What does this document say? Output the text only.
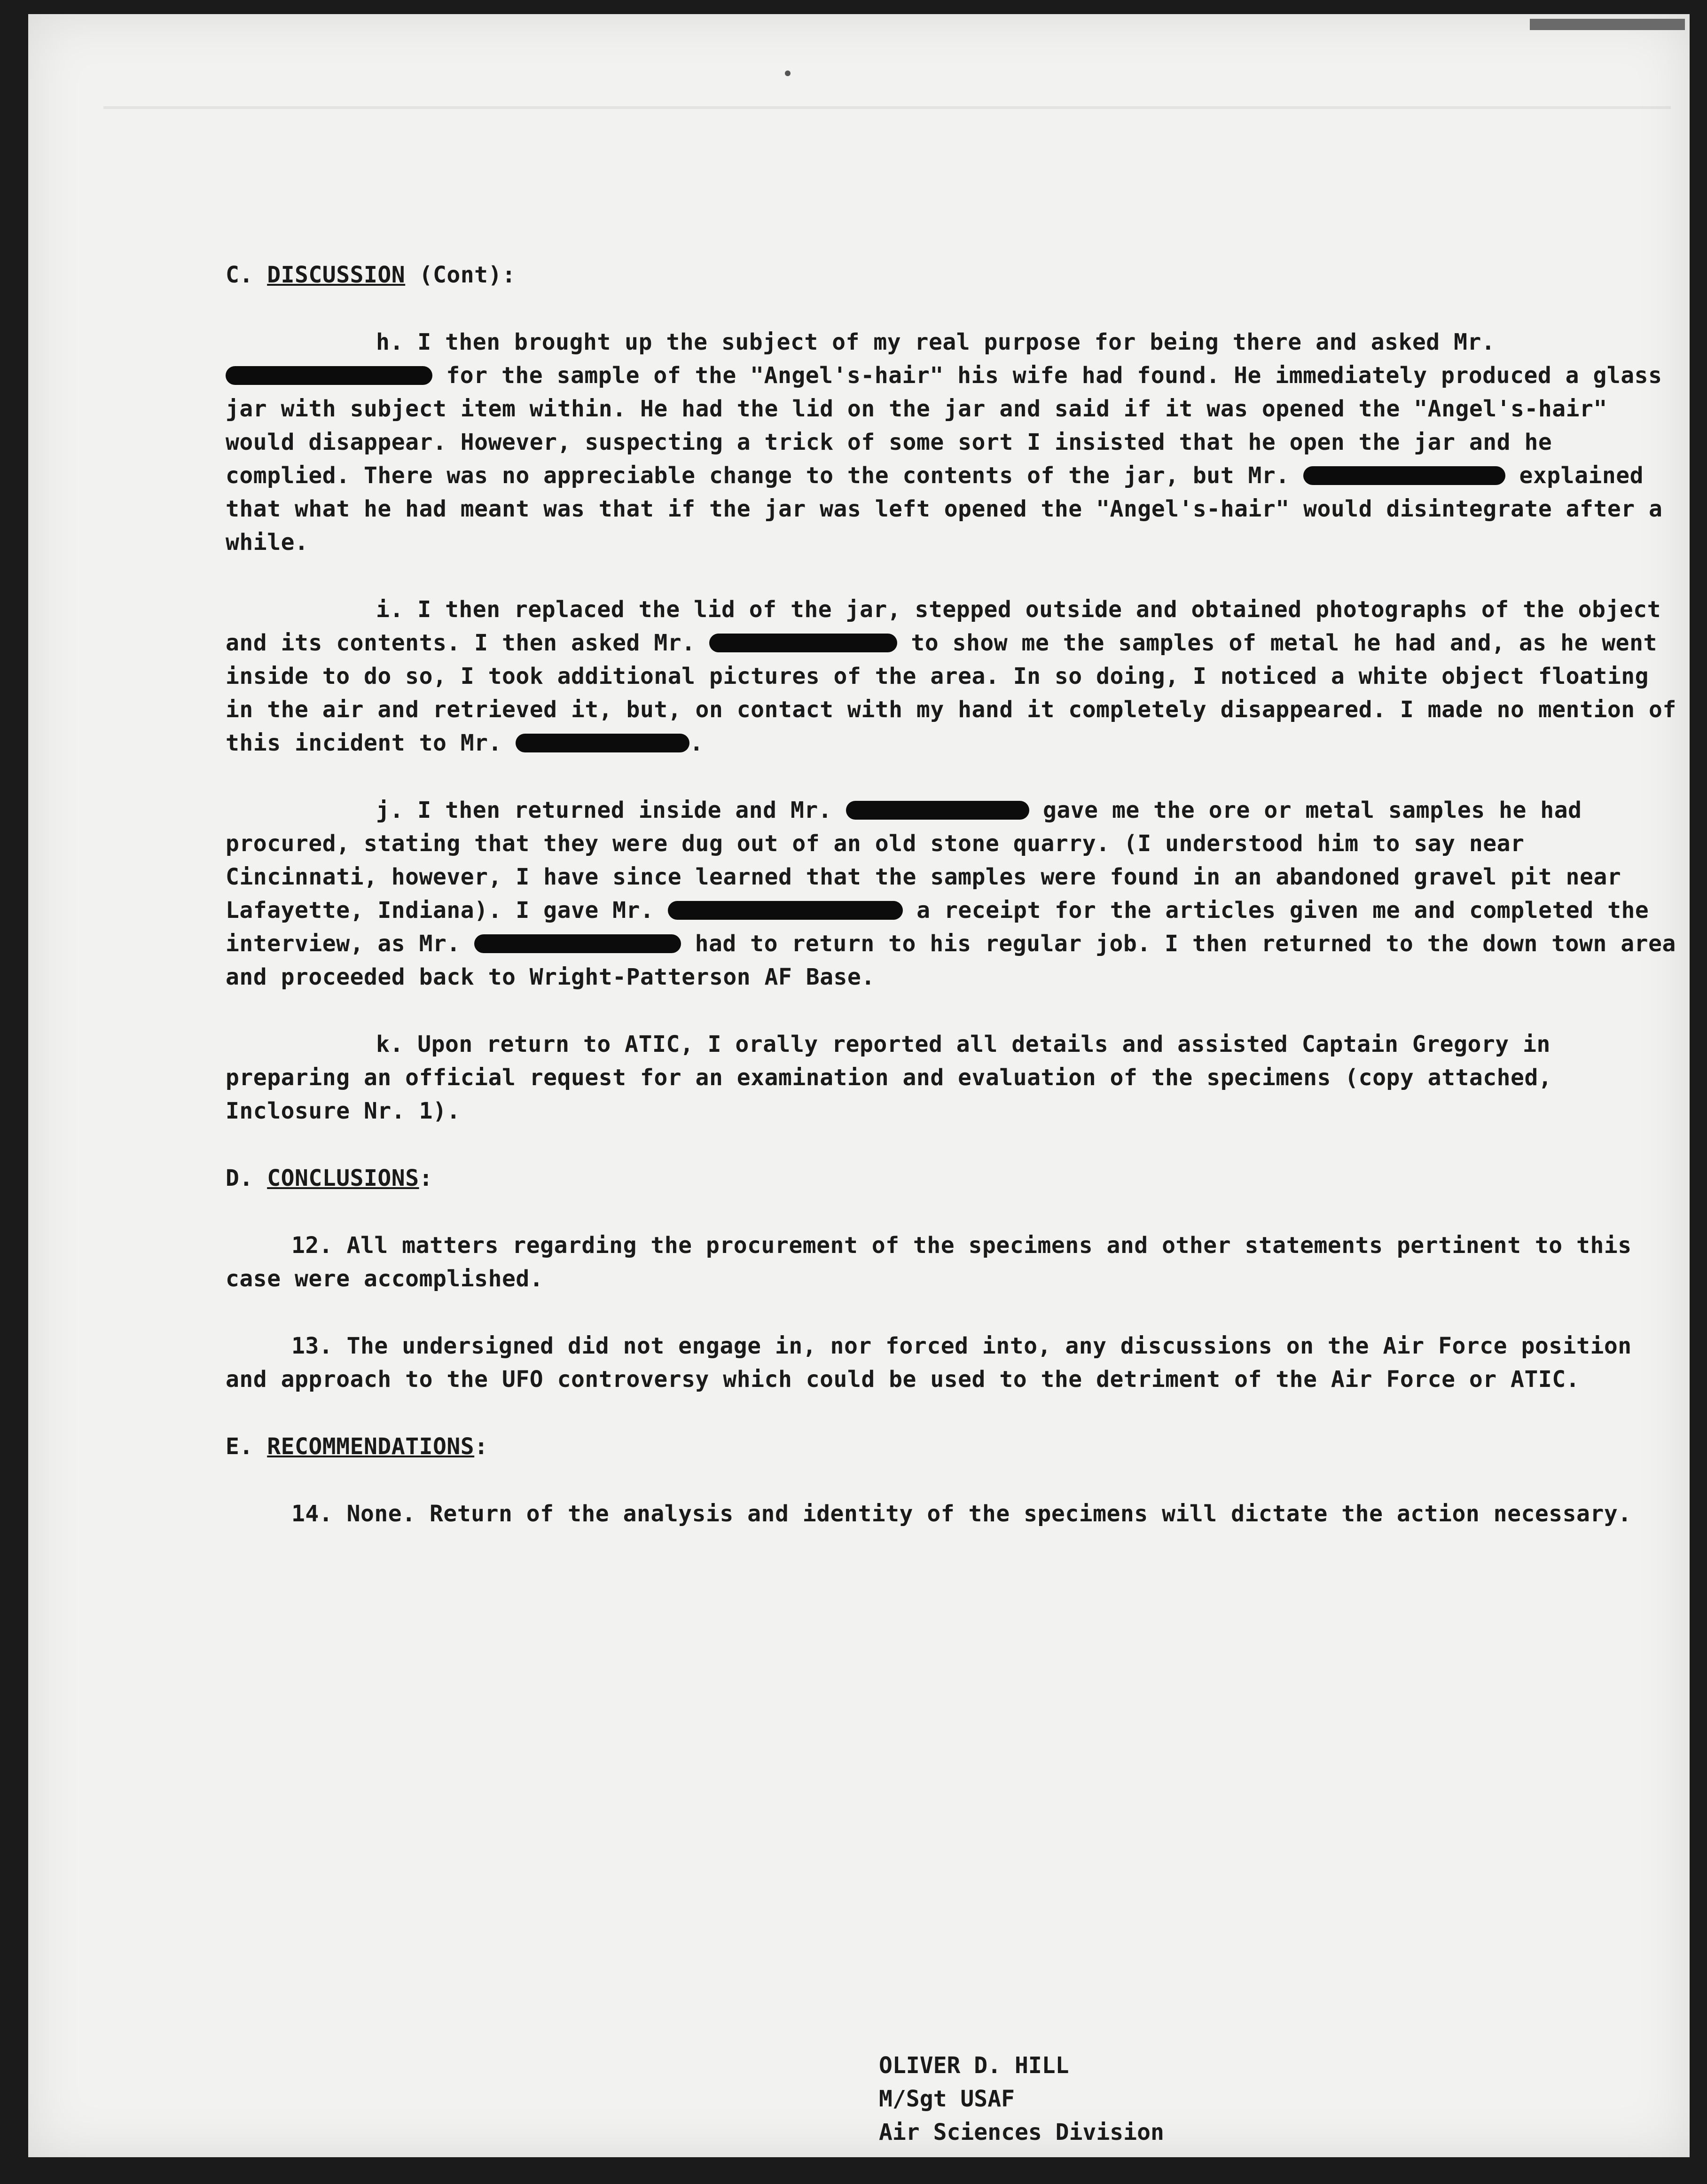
C. DISCUSSION (Cont):

h. I then brought up the subject of my real purpose for being there and asked Mr.  for the sample of the "Angel's-hair" his wife had found. He immediately produced a glass jar with subject item within. He had the lid on the jar and said if it was opened the "Angel's-hair" would disappear. However, suspecting a trick of some sort I insisted that he open the jar and he complied. There was no appreciable change to the contents of the jar, but Mr.	explained that what he had meant was that if the jar was left opened the "Angel's-hair" would disintegrate after a while.

i. I then replaced the lid of the jar, stepped outside and obtained photographs of the object and its contents. I then asked Mr.	to show me the samples of metal he had and, as he went inside to do so, I took additional pictures of the area. In so doing, I noticed a white object floating in the air and retrieved it, but, on contact with my hand it completely disappeared. I made no mention of this incident to Mr.	.

j. I then returned inside and Mr.	gave me the ore or metal samples he had procured, stating that they were dug out of an old stone quarry. (I understood him to say near Cincinnati, however, I have since learned that the samples were found in an abandoned gravel pit near Lafayette, Indiana). I gave Mr.	a receipt for the articles given me and completed the interview, as Mr.	had to return to his regular job. I then returned to the down town area and proceeded back to Wright-Patterson AF Base.

k. Upon return to ATIC, I orally reported all details and assisted Captain Gregory in preparing an official request for an examination and evaluation of the specimens (copy attached, Inclosure Nr. 1).

D. CONCLUSIONS:

12. All matters regarding the procurement of the specimens and other statements pertinent to this case were accomplished.

13. The undersigned did not engage in, nor forced into, any discussions on the Air Force position and approach to the UFO controversy which could be used to the detriment of the Air Force or ATIC.

E. RECOMMENDATIONS:

14. None. Return of the analysis and identity of the specimens will dictate the action necessary.

OLIVER D. HILL

M/Sgt USAF

Air Sciences Division
